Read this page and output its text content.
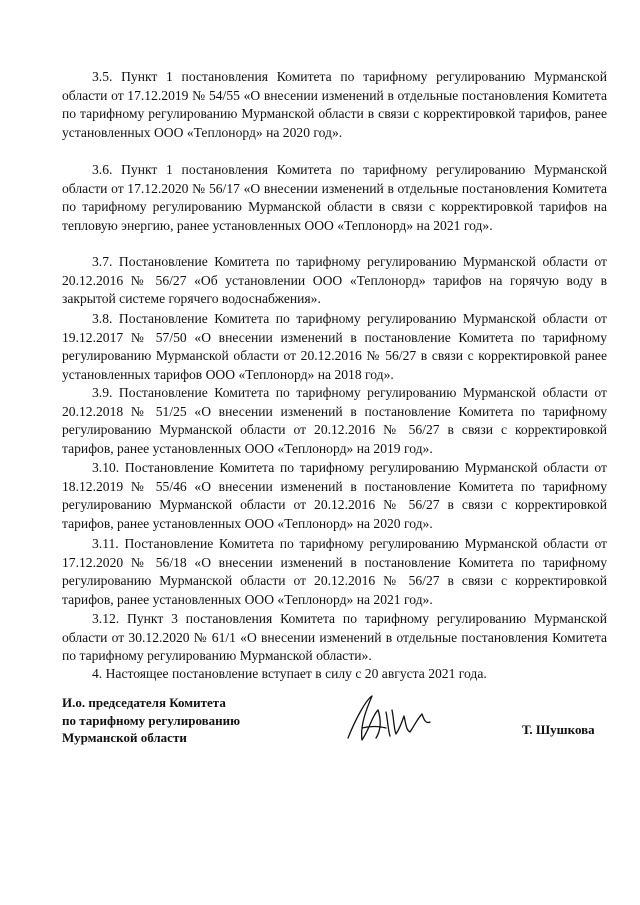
3.5. Пункт 1 постановления Комитета по тарифному регулированию Мурманской области от 17.12.2019 № 54/55 «О внесении изменений в отдельные постановления Комитета по тарифному регулированию Мурманской области в связи с корректировкой тарифов, ранее установленных ООО «Теплонорд» на 2020 год».

3.6. Пункт 1 постановления Комитета по тарифному регулированию Мурманской области от 17.12.2020 № 56/17 «О внесении изменений в отдельные постановления Комитета по тарифному регулированию Мурманской области в связи с корректировкой тарифов на тепловую энергию, ранее установленных ООО «Теплонорд» на 2021 год».

3.7. Постановление Комитета по тарифному регулированию Мурманской области от 20.12.2016 № 56/27 «Об установлении ООО «Теплонорд» тарифов на горячую воду в закрытой системе горячего водоснабжения».

3.8. Постановление Комитета по тарифному регулированию Мурманской области от 19.12.2017 № 57/50 «О внесении изменений в постановление Комитета по тарифному регулированию Мурманской области от 20.12.2016 № 56/27 в связи с корректировкой ранее установленных тарифов ООО «Теплонорд» на 2018 год».

3.9. Постановление Комитета по тарифному регулированию Мурманской области от 20.12.2018 № 51/25 «О внесении изменений в постановление Комитета по тарифному регулированию Мурманской области от 20.12.2016 № 56/27 в связи с корректировкой тарифов, ранее установленных ООО «Теплонорд» на 2019 год».

3.10. Постановление Комитета по тарифному регулированию Мурманской области от 18.12.2019 № 55/46 «О внесении изменений в постановление Комитета по тарифному регулированию Мурманской области от 20.12.2016 № 56/27 в связи с корректировкой тарифов, ранее установленных ООО «Теплонорд» на 2020 год».

3.11. Постановление Комитета по тарифному регулированию Мурманской области от 17.12.2020 № 56/18 «О внесении изменений в постановление Комитета по тарифному регулированию Мурманской области от 20.12.2016 № 56/27 в связи с корректировкой тарифов, ранее установленных ООО «Теплонорд» на 2021 год».

3.12. Пункт 3 постановления Комитета по тарифному регулированию Мурманской области от 30.12.2020 № 61/1 «О внесении изменений в отдельные постановления Комитета по тарифному регулированию Мурманской области».

4. Настоящее постановление вступает в силу с 20 августа 2021 года.

И.о. председателя Комитета
по тарифному регулированию
Мурманской области
Т. Шушкова
